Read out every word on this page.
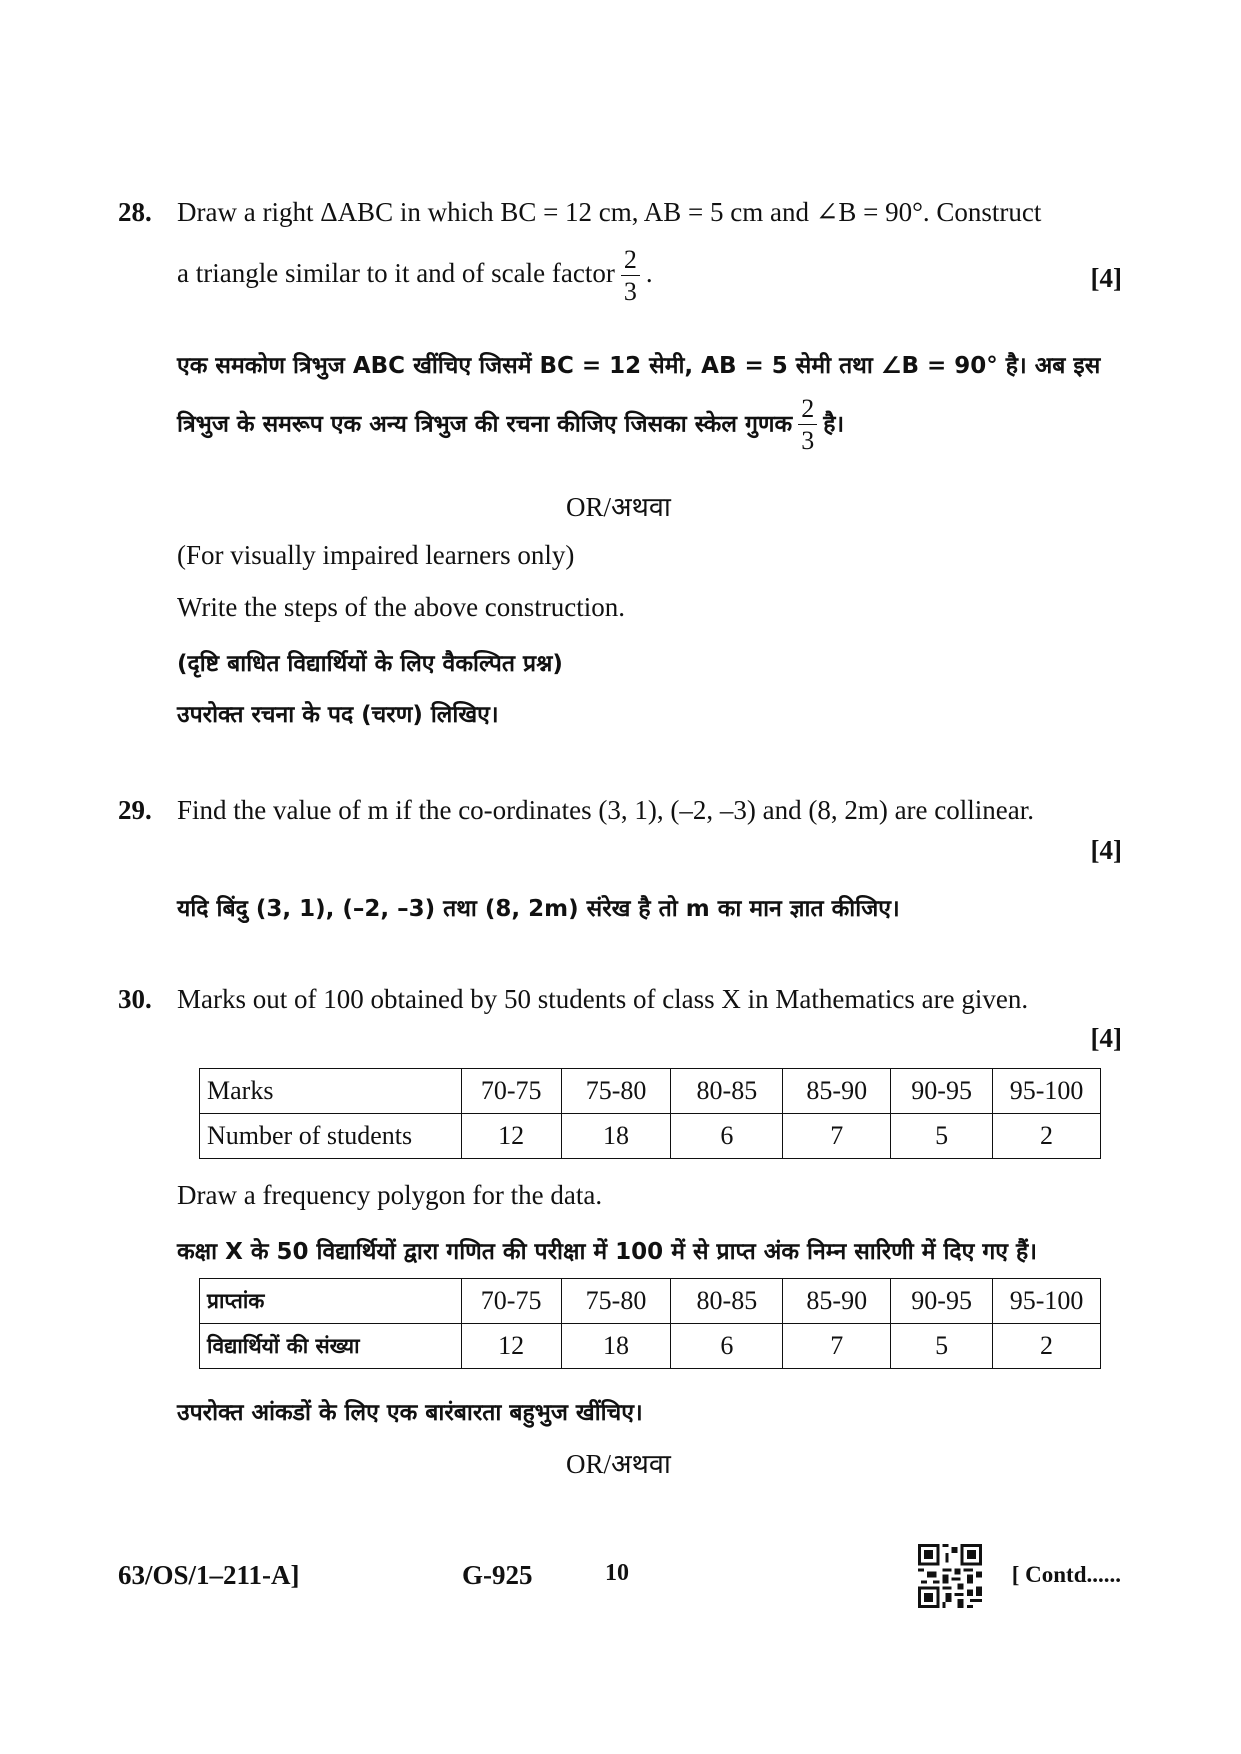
28. Draw a right ΔABC in which BC = 12 cm, AB = 5 cm and ∠B = 90°. Construct
a triangle similar to it and of scale factor $\frac{2}{3}$ .	[4]
एक समकोण त्रिभुज ABC खींचिए जिसमें BC = 12 सेमी, AB = 5 सेमी तथा ∠B = 90° है। अब इस
त्रिभुज के समरूप एक अन्य त्रिभुज की रचना कीजिए जिसका स्केल गुणक $\frac{2}{3}$ है।
OR/अथवा
(For visually impaired learners only)
Write the steps of the above construction.
(दृष्टि बाधित विद्यार्थियों के लिए वैकल्पित प्रश्न)
उपरोक्त रचना के पद (चरण) लिखिए।
29. Find the value of m if the co-ordinates (3, 1), (–2, –3) and (8, 2m) are collinear.
[4]
यदि बिंदु (3, 1), (–2, –3) तथा (8, 2m) संरेख है तो m का मान ज्ञात कीजिए।
30. Marks out of 100 obtained by 50 students of class X in Mathematics are given.
[4]
Marks	70-75	75-80	80-85	85-90	90-95	95-100
Number of students	12	18	6	7	5	2
Draw a frequency polygon for the data.
कक्षा X के 50 विद्यार्थियों द्वारा गणित की परीक्षा में 100 में से प्राप्त अंक निम्न सारिणी में दिए गए हैं।
प्राप्तांक	70-75	75-80	80-85	85-90	90-95	95-100
विद्यार्थियों की संख्या	12	18	6	7	5	2
उपरोक्त आंकडों के लिए एक बारंबारता बहुभुज खींचिए।
OR/अथवा
63/OS/1–211-A]	G-925	10	[ Contd......
